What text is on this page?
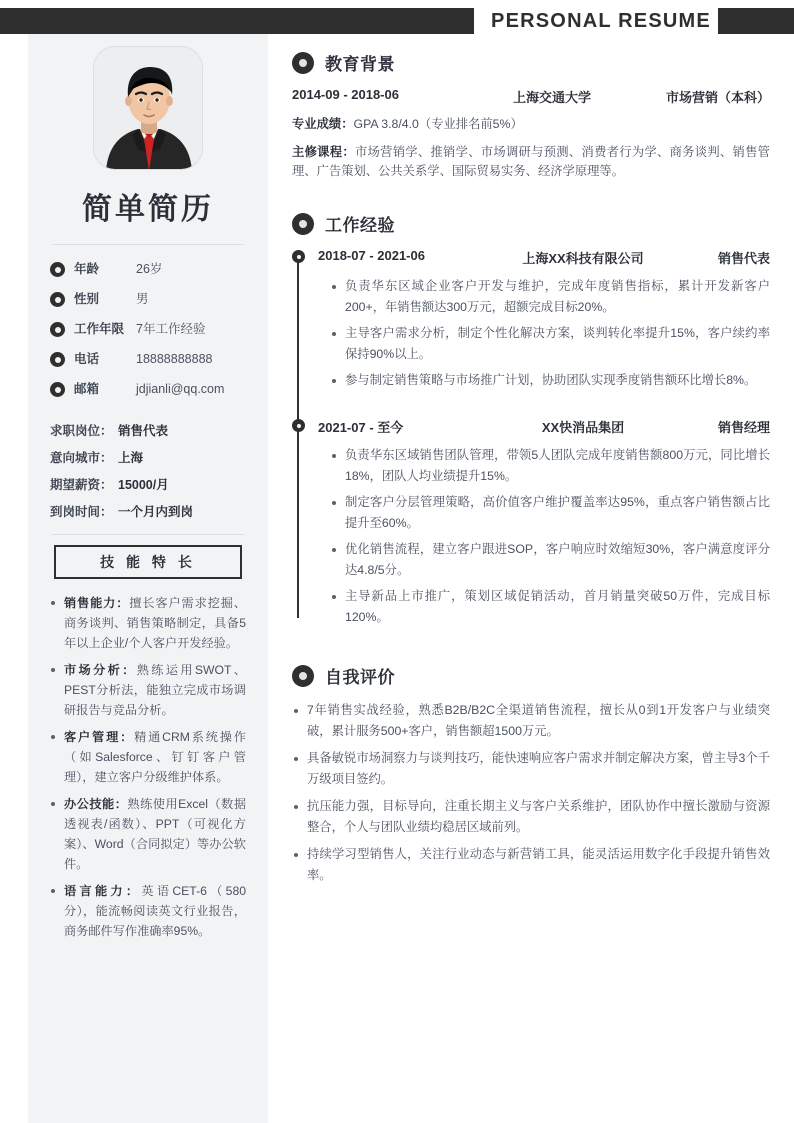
PERSONAL RESUME
简单简历
年龄	26岁
性别	男
工作年限 7年工作经验
电话	18888888888
邮箱	jdjianli@qq.com
求职岗位： 销售代表
意向城市： 上海
期望薪资： 15000/月
到岗时间： 一个月内到岗
技 能 特 长
销售能力：擅长客户需求挖掘、商务谈判、销售策略制定，具备5年以上企业/个人客户开发经验。
市场分析：熟练运用SWOT、PEST分析法，能独立完成市场调研报告与竞品分析。
客户管理：精通CRM系统操作（如Salesforce、钉钉客户管理），建立客户分级维护体系。
办公技能：熟练使用Excel（数据透视表/函数）、PPT（可视化方案）、Word（合同拟定）等办公软件。
语言能力：英语CET-6（580分），能流畅阅读英文行业报告，商务邮件写作准确率95%。
教育背景
2014-09 - 2018-06	上海交通大学	市场营销（本科）
专业成绩：GPA 3.8/4.0（专业排名前5%）
主修课程：市场营销学、推销学、市场调研与预测、消费者行为学、商务谈判、销售管理、广告策划、公共关系学、国际贸易实务、经济学原理等。
工作经验
2018-07 - 2021-06	上海XX科技有限公司	销售代表
负责华东区域企业客户开发与维护，完成年度销售指标，累计开发新客户200+，年销售额达300万元，超额完成目标20%。
主导客户需求分析，制定个性化解决方案，谈判转化率提升15%，客户续约率保持90%以上。
参与制定销售策略与市场推广计划，协助团队实现季度销售额环比增长8%。
2021-07 - 至今	XX快消品集团	销售经理
负责华东区域销售团队管理，带领5人团队完成年度销售额800万元，同比增长18%，团队人均业绩提升15%。
制定客户分层管理策略，高价值客户维护覆盖率达95%，重点客户销售额占比提升至60%。
优化销售流程，建立客户跟进SOP，客户响应时效缩短30%，客户满意度评分达4.8/5分。
主导新品上市推广，策划区域促销活动，首月销量突破50万件，完成目标120%。
自我评价
7年销售实战经验，熟悉B2B/B2C全渠道销售流程，擅长从0到1开发客户与业绩突破，累计服务500+客户，销售额超1500万元。
具备敏锐市场洞察力与谈判技巧，能快速响应客户需求并制定解决方案，曾主导3个千万级项目签约。
抗压能力强，目标导向，注重长期主义与客户关系维护，团队协作中擅长激励与资源整合，个人与团队业绩均稳居区域前列。
持续学习型销售人，关注行业动态与新营销工具，能灵活运用数字化手段提升销售效率。
